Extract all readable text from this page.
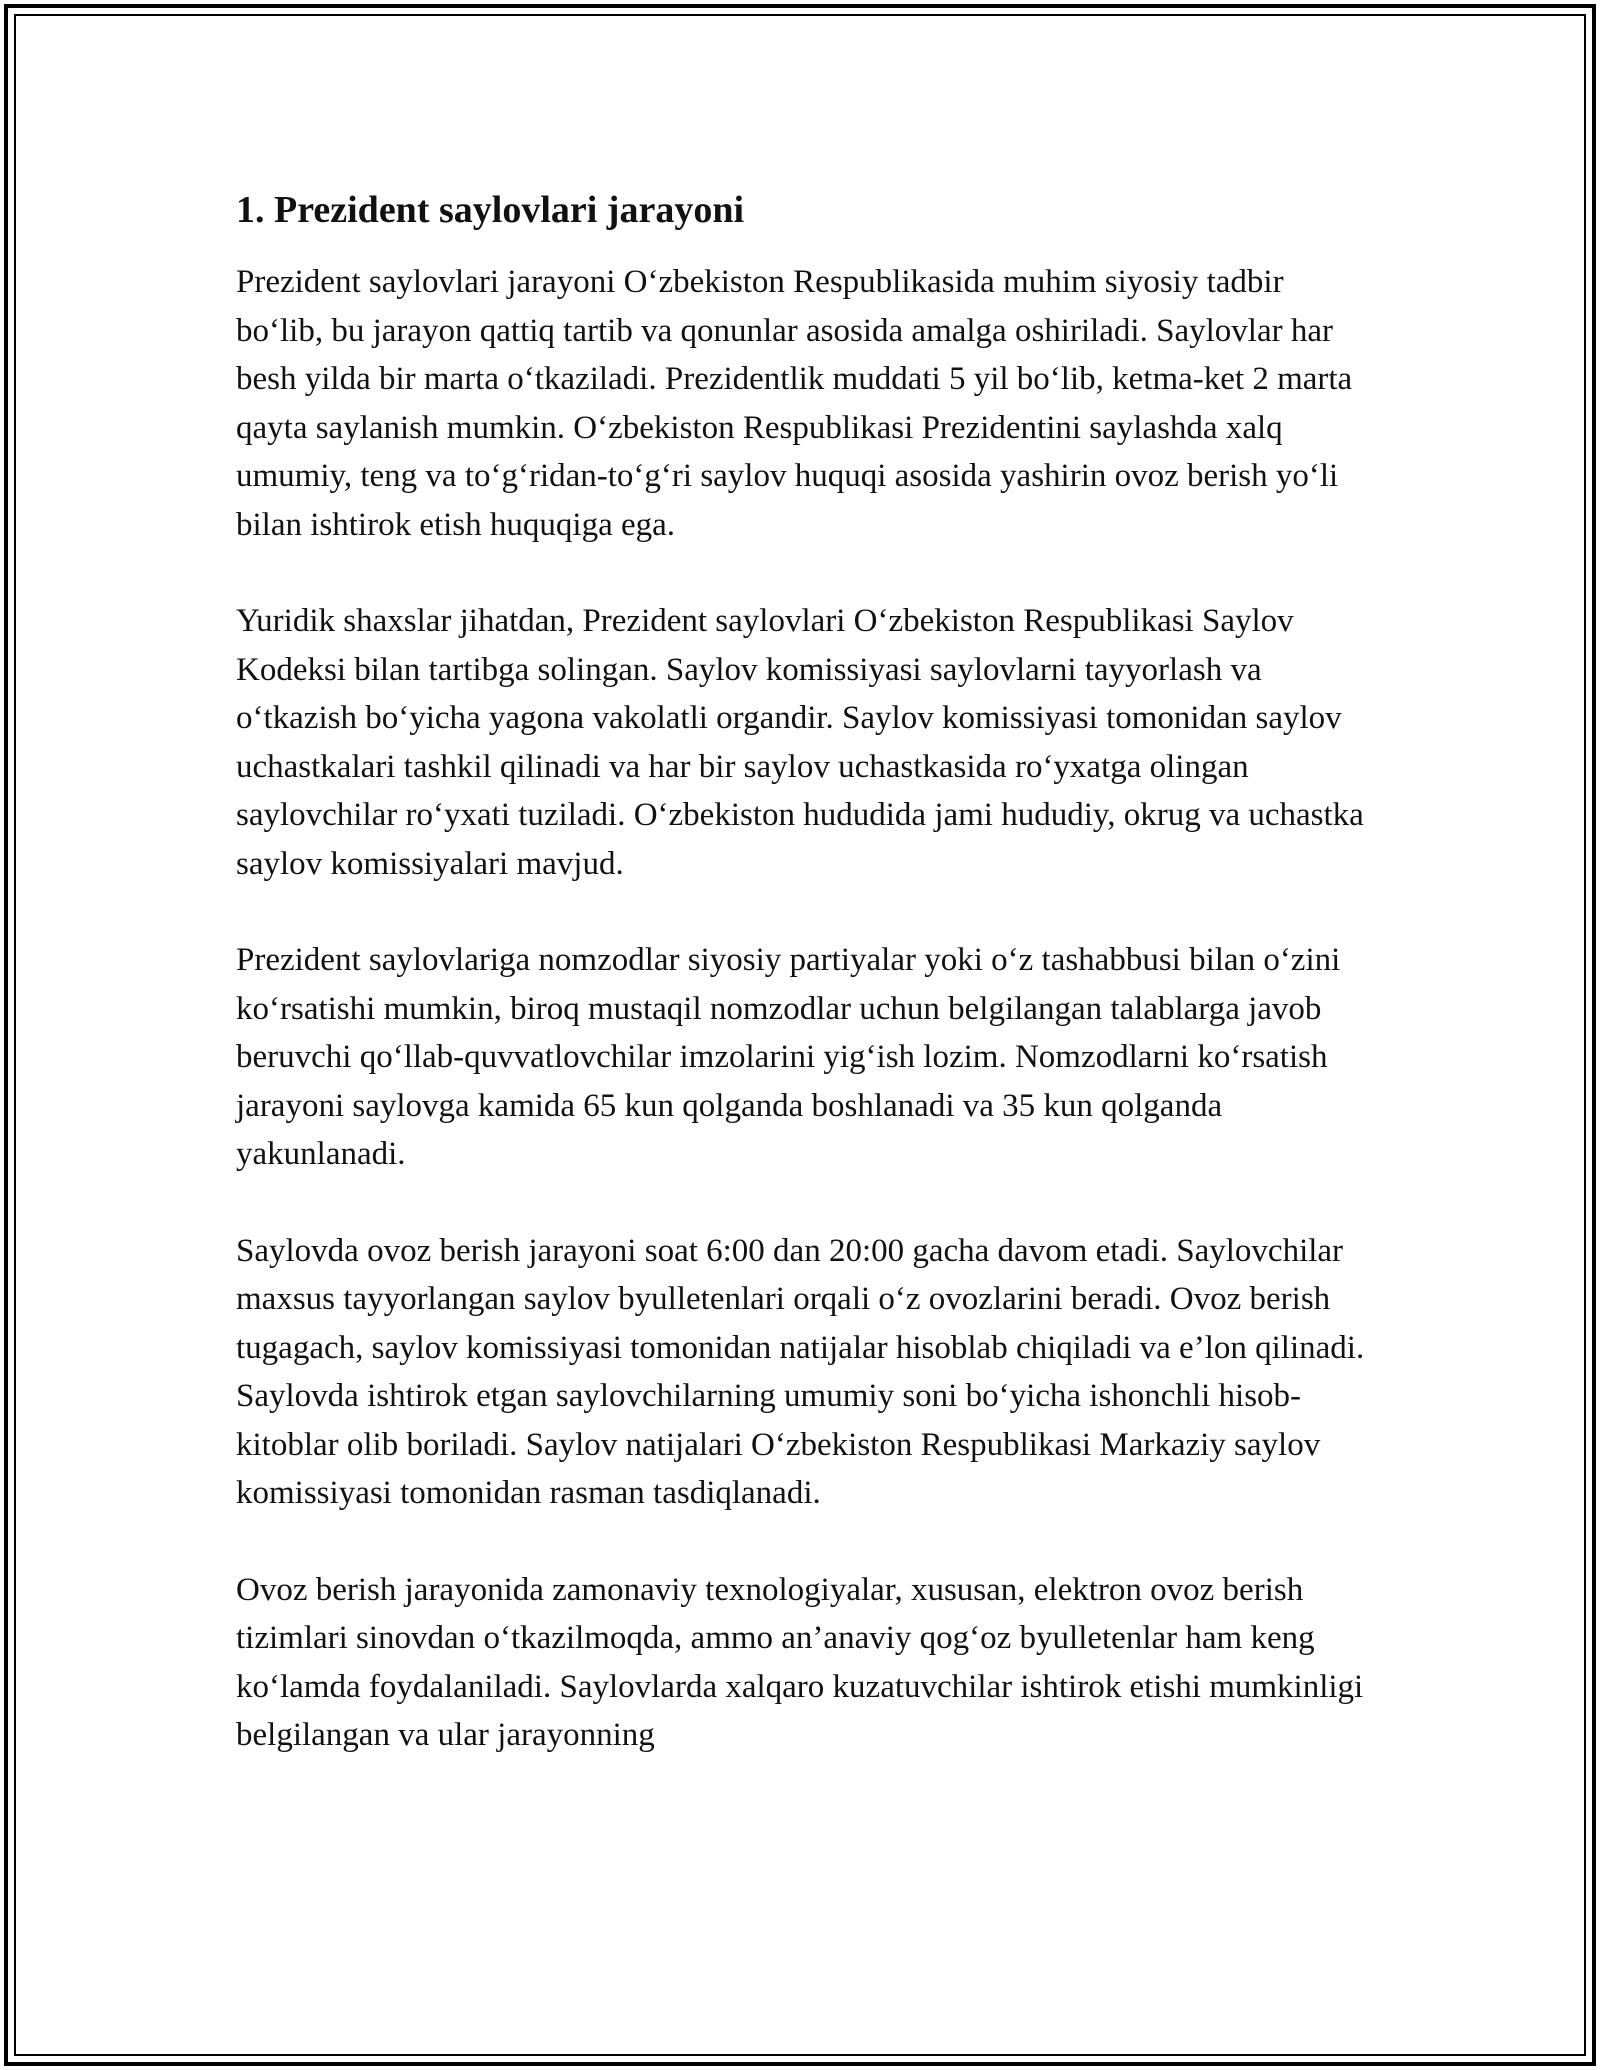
1. Prezident saylovlari jarayoni

Prezident saylovlari jarayoni O‘zbekiston Respublikasida muhim siyosiy tadbir bo‘lib, bu jarayon qattiq tartib va qonunlar asosida amalga oshiriladi. Saylovlar har besh yilda bir marta o‘tkaziladi. Prezidentlik muddati 5 yil bo‘lib, ketma-ket 2 marta qayta saylanish mumkin. O‘zbekiston Respublikasi Prezidentini saylashda xalq umumiy, teng va to‘g‘ridan-to‘g‘ri saylov huquqi asosida yashirin ovoz berish yo‘li bilan ishtirok etish huquqiga ega.

Yuridik shaxslar jihatdan, Prezident saylovlari O‘zbekiston Respublikasi Saylov Kodeksi bilan tartibga solingan. Saylov komissiyasi saylovlarni tayyorlash va o‘tkazish bo‘yicha yagona vakolatli organdir. Saylov komissiyasi tomonidan saylov uchastkalari tashkil qilinadi va har bir saylov uchastkasida ro‘yxatga olingan saylovchilar ro‘yxati tuziladi. O‘zbekiston hududida jami hududiy, okrug va uchastka saylov komissiyalari mavjud.

Prezident saylovlariga nomzodlar siyosiy partiyalar yoki o‘z tashabbusi bilan o‘zini ko‘rsatishi mumkin, biroq mustaqil nomzodlar uchun belgilangan talablarga javob beruvchi qo‘llab-quvvatlovchilar imzolarini yig‘ish lozim. Nomzodlarni ko‘rsatish jarayoni saylovga kamida 65 kun qolganda boshlanadi va 35 kun qolganda yakunlanadi.

Saylovda ovoz berish jarayoni soat 6:00 dan 20:00 gacha davom etadi. Saylovchilar maxsus tayyorlangan saylov byulletenlari orqali o‘z ovozlarini beradi. Ovoz berish tugagach, saylov komissiyasi tomonidan natijalar hisoblab chiqiladi va e’lon qilinadi. Saylovda ishtirok etgan saylovchilarning umumiy soni bo‘yicha ishonchli hisob-kitoblar olib boriladi. Saylov natijalari O‘zbekiston Respublikasi Markaziy saylov komissiyasi tomonidan rasman tasdiqlanadi.

Ovoz berish jarayonida zamonaviy texnologiyalar, xususan, elektron ovoz berish tizimlari sinovdan o‘tkazilmoqda, ammo an’anaviy qog‘oz byulletenlar ham keng ko‘lamda foydalaniladi. Saylovlarda xalqaro kuzatuvchilar ishtirok etishi mumkinligi belgilangan va ular jarayonning
